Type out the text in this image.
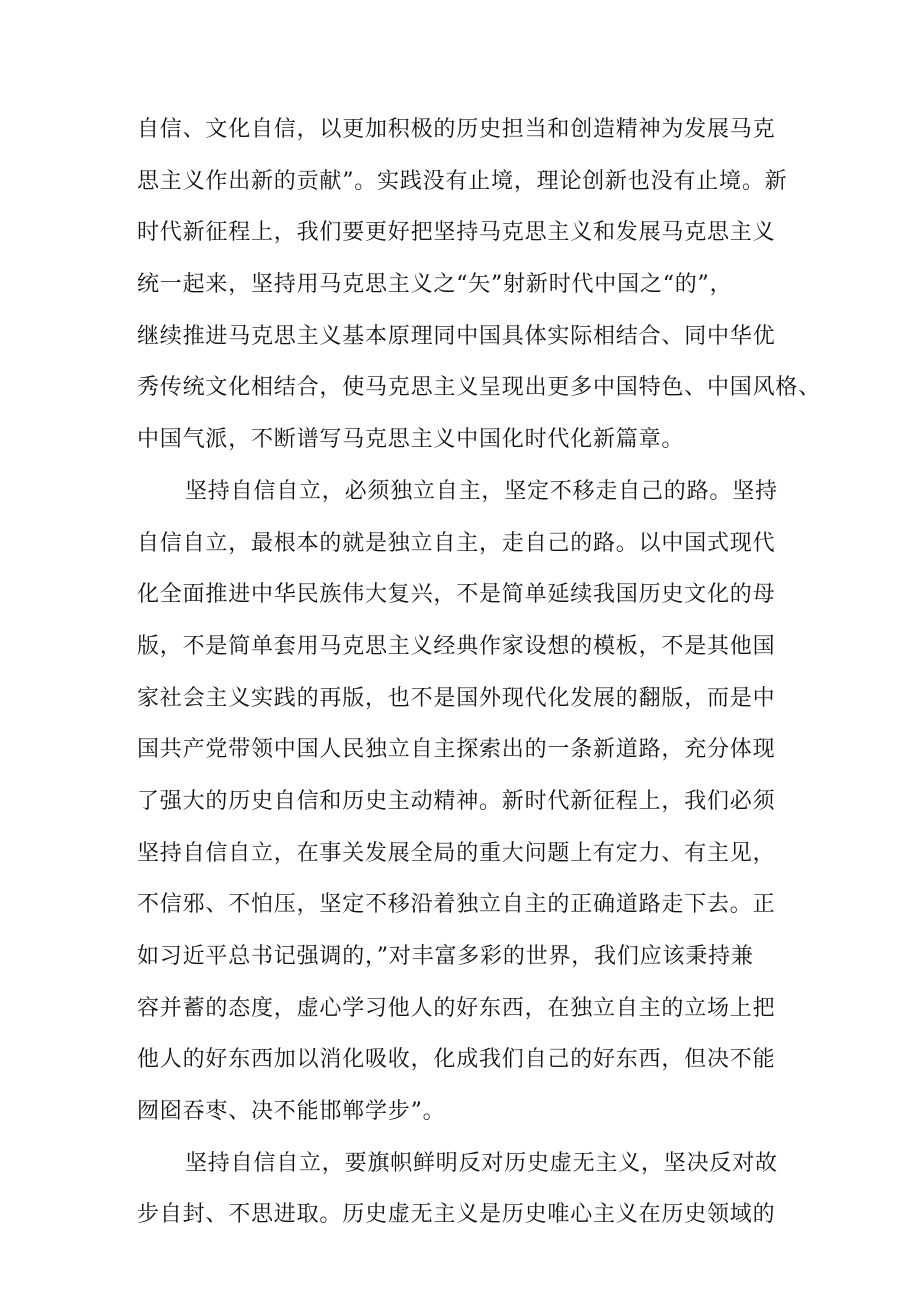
自信、文化自信，以更加积极的历史担当和创造精神为发展马克
思主义作出新的贡献”。实践没有止境，理论创新也没有止境。新
时代新征程上，我们要更好把坚持马克思主义和发展马克思主义
统一起来，坚持用马克思主义之“矢”射新时代中国之“的”，
继续推进马克思主义基本原理同中国具体实际相结合、同中华优
秀传统文化相结合，使马克思主义呈现出更多中国特色、中国风格、
中国气派，不断谱写马克思主义中国化时代化新篇章。
坚持自信自立，必须独立自主，坚定不移走自己的路。坚持
自信自立，最根本的就是独立自主，走自己的路。以中国式现代
化全面推进中华民族伟大复兴，不是简单延续我国历史文化的母
版，不是简单套用马克思主义经典作家设想的模板，不是其他国
家社会主义实践的再版，也不是国外现代化发展的翻版，而是中
国共产党带领中国人民独立自主探索出的一条新道路，充分体现
了强大的历史自信和历史主动精神。新时代新征程上，我们必须
坚持自信自立，在事关发展全局的重大问题上有定力、有主见，
不信邪、不怕压，坚定不移沿着独立自主的正确道路走下去。正
如习近平总书记强调的，”对丰富多彩的世界，我们应该秉持兼
容并蓄的态度，虚心学习他人的好东西，在独立自主的立场上把
他人的好东西加以消化吸收，化成我们自己的好东西，但决不能
囫囵吞枣、决不能邯郸学步”。
坚持自信自立，要旗帜鲜明反对历史虚无主义，坚决反对故
步自封、不思进取。历史虚无主义是历史唯心主义在历史领域的
